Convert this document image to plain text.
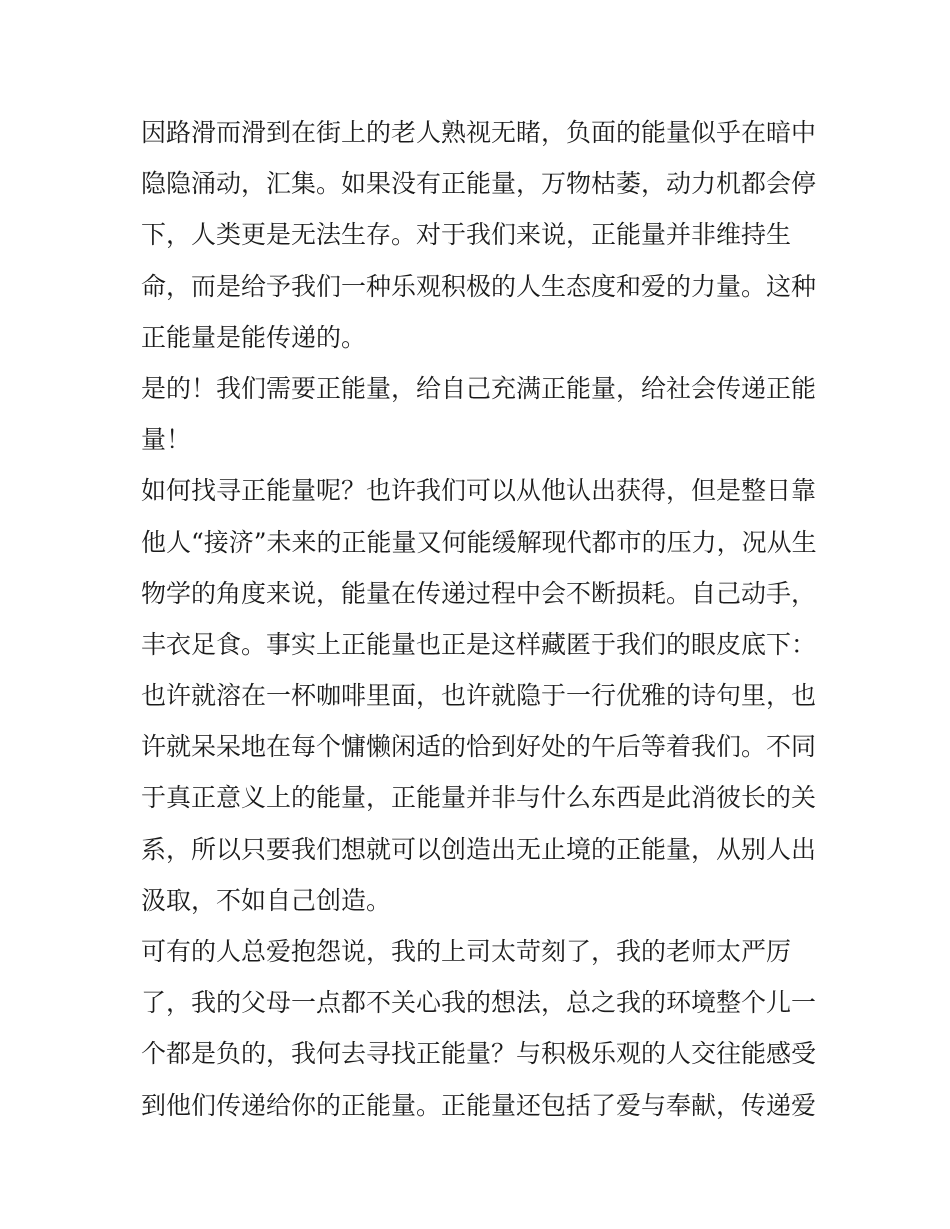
因路滑而滑到在街上的老人熟视无睹，负面的能量似乎在暗中
隐隐涌动，汇集。如果没有正能量，万物枯萎，动力机都会停
下，人类更是无法生存。对于我们来说，正能量并非维持生
命，而是给予我们一种乐观积极的人生态度和爱的力量。这种
正能量是能传递的。
是的！我们需要正能量，给自己充满正能量，给社会传递正能
量！
如何找寻正能量呢？也许我们可以从他认出获得，但是整日靠
他人“接济”未来的正能量又何能缓解现代都市的压力，况从生
物学的角度来说，能量在传递过程中会不断损耗。自己动手，
丰衣足食。事实上正能量也正是这样藏匿于我们的眼皮底下：
也许就溶在一杯咖啡里面，也许就隐于一行优雅的诗句里，也
许就呆呆地在每个慵懒闲适的恰到好处的午后等着我们。不同
于真正意义上的能量，正能量并非与什么东西是此消彼长的关
系，所以只要我们想就可以创造出无止境的正能量，从别人出
汲取，不如自己创造。
可有的人总爱抱怨说，我的上司太苛刻了，我的老师太严厉
了，我的父母一点都不关心我的想法，总之我的环境整个儿一
个都是负的，我何去寻找正能量？与积极乐观的人交往能感受
到他们传递给你的正能量。正能量还包括了爱与奉献，传递爱
